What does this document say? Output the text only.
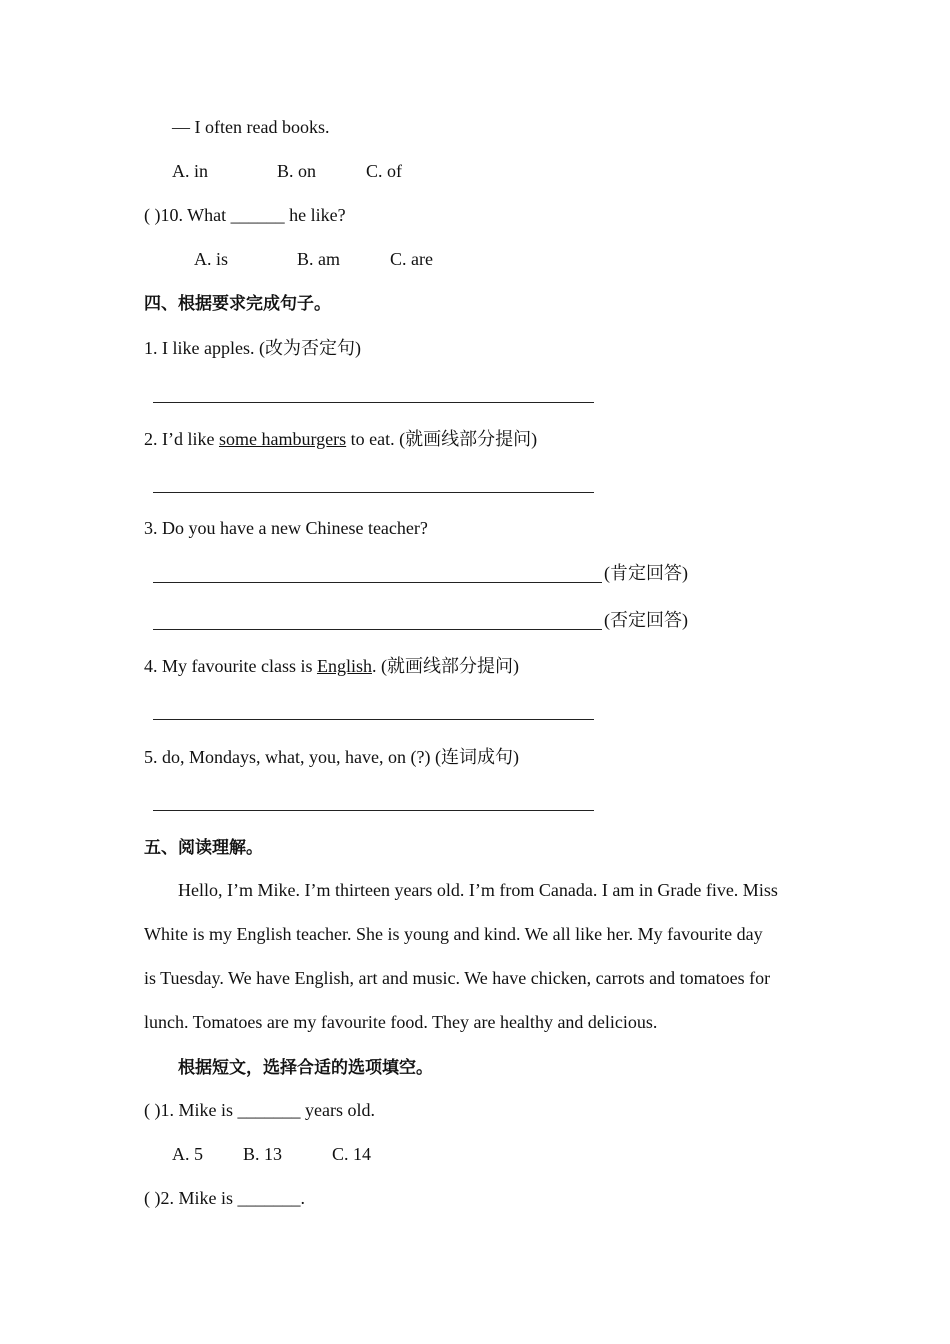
— I often read books.
A. in	B. on	C. of
( )10. What ______ he like?
A. is	B. am	C. are
四、根据要求完成句子。
1. I like apples. (改为否定句)
2. I’d like some hamburgers to eat. (就画线部分提问)
3. Do you have a new Chinese teacher?
(肯定回答)
(否定回答)
4. My favourite class is English. (就画线部分提问)
5. do, Mondays, what, you, have, on (?) (连词成句)
五、阅读理解。
Hello, I’m Mike. I’m thirteen years old. I’m from Canada. I am in Grade five. Miss
White is my English teacher. She is young and kind. We all like her. My favourite day
is Tuesday. We have English, art and music. We have chicken, carrots and tomatoes for
lunch. Tomatoes are my favourite food. They are healthy and delicious.
根据短文，选择合适的选项填空。
( )1. Mike is _______ years old.
A. 5 B. 13	C. 14
( )2. Mike is _______.
